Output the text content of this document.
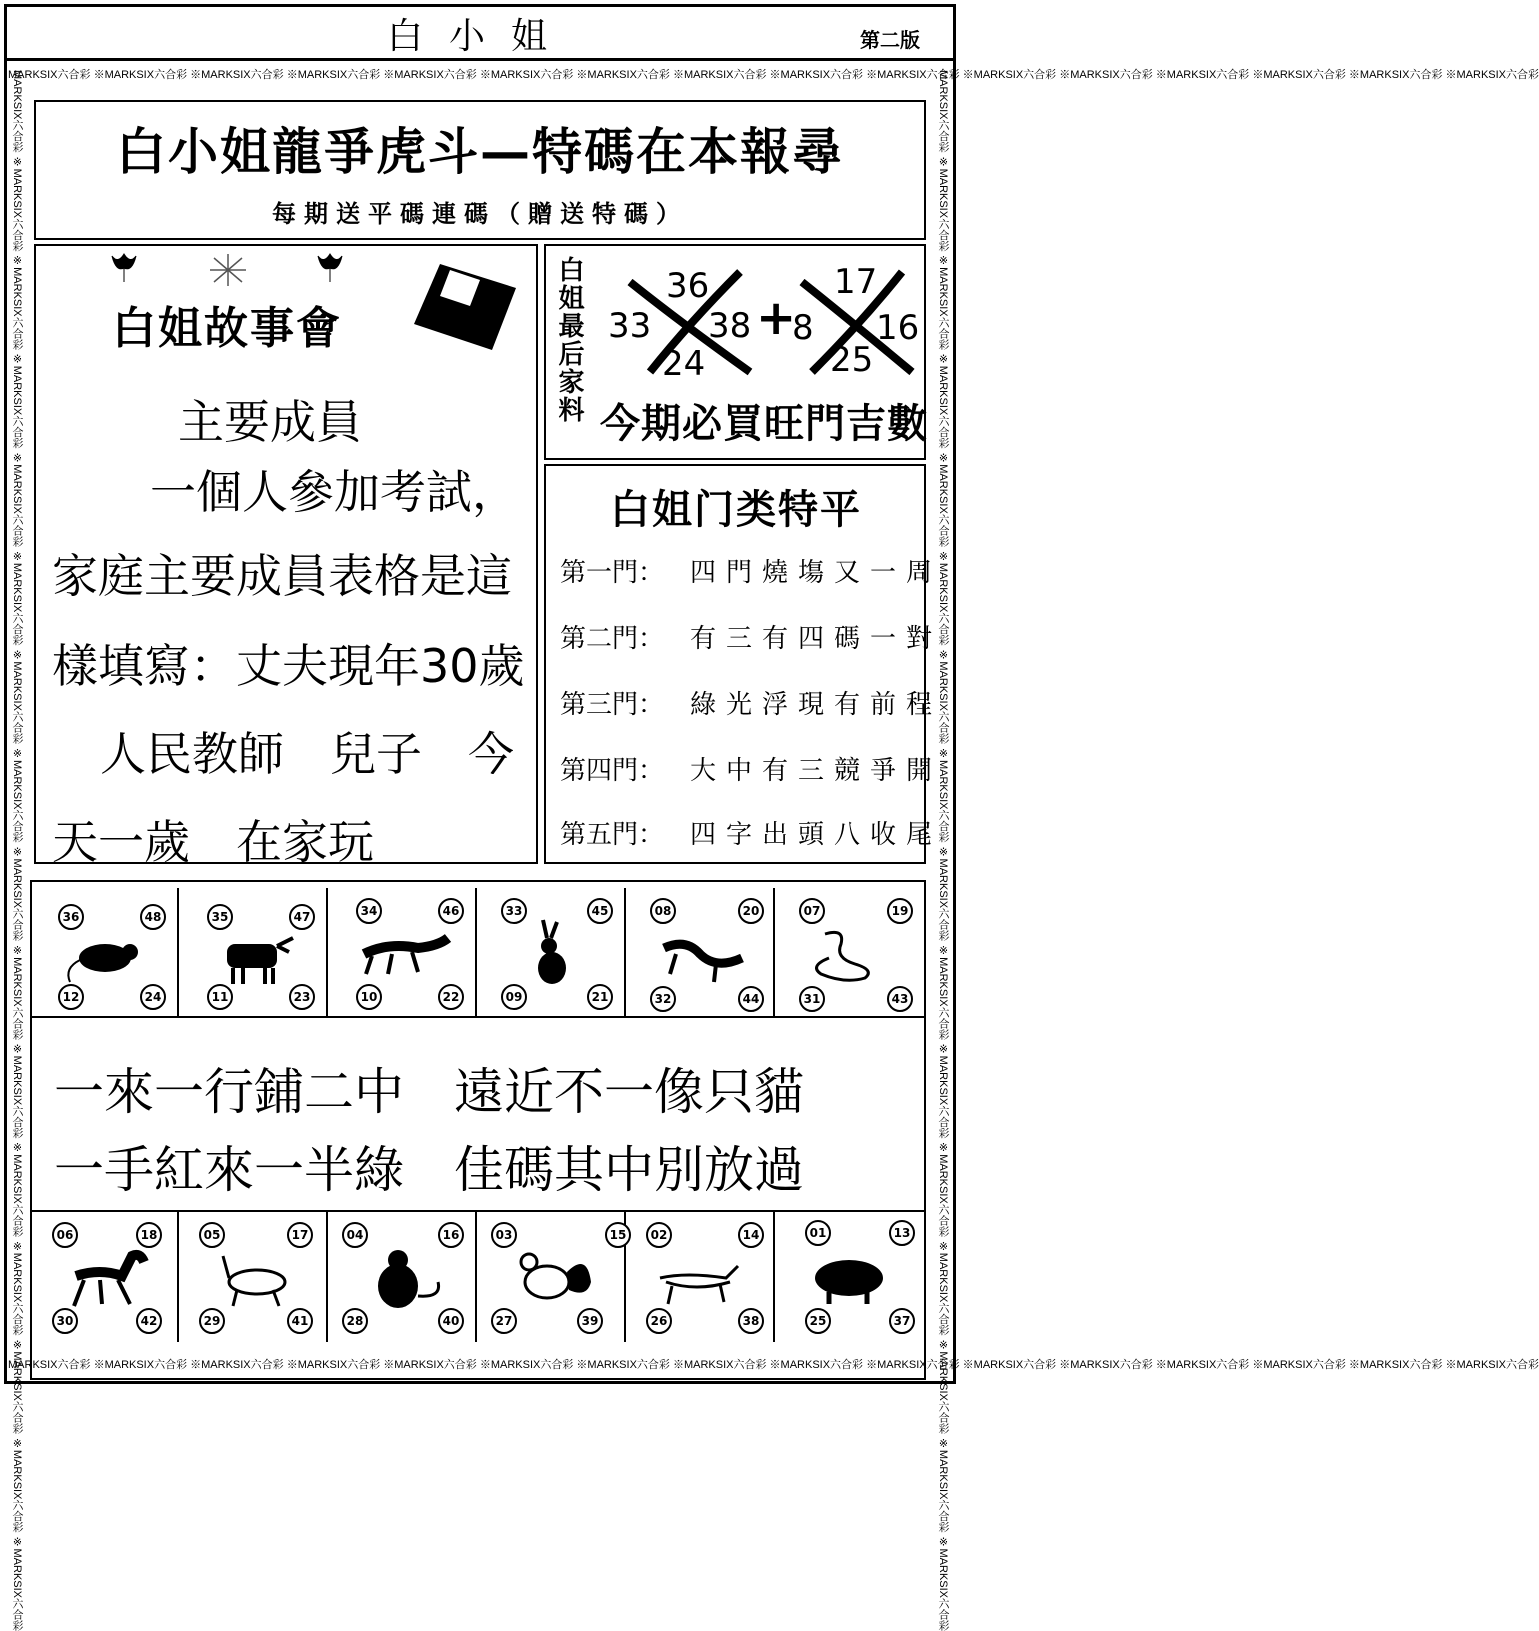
白小姐	第二版
MARKSIX六合彩 ※MARKSIX六合彩 ※MARKSIX六合彩 ※MARKSIX六合彩 ※MARKSIX六合彩 ※MARKSIX六合彩 ※MARKSIX六合彩 ※MARKSIX六合彩 ※MARKSIX六合彩 ※MARKSIX六合彩 ※MARKSIX六合彩 ※MARKSIX六合彩 ※MARKSIX六合彩 ※MARKSIX六合彩 ※MARKSIX六合彩 ※MARKSIX六合彩
MARKSIX六合彩 ※MARKSIX六合彩 ※MARKSIX六合彩 ※MARKSIX六合彩 ※MARKSIX六合彩 ※MARKSIX六合彩 ※MARKSIX六合彩 ※MARKSIX六合彩 ※MARKSIX六合彩 ※MARKSIX六合彩 ※MARKSIX六合彩 ※MARKSIX六合彩 ※MARKSIX六合彩 ※MARKSIX六合彩 ※MARKSIX六合彩 ※MARKSIX六合彩
MARKSIX六合彩 ※MARKSIX六合彩 ※MARKSIX六合彩 ※MARKSIX六合彩 ※MARKSIX六合彩 ※MARKSIX六合彩 ※MARKSIX六合彩 ※MARKSIX六合彩 ※MARKSIX六合彩 ※MARKSIX六合彩 ※MARKSIX六合彩 ※MARKSIX六合彩 ※MARKSIX六合彩 ※MARKSIX六合彩 ※MARKSIX六合彩 ※MARKSIX六合彩	MARKSIX六合彩 ※MARKSIX六合彩 ※MARKSIX六合彩 ※MARKSIX六合彩 ※MARKSIX六合彩 ※MARKSIX六合彩 ※MARKSIX六合彩 ※MARKSIX六合彩 ※MARKSIX六合彩 ※MARKSIX六合彩 ※MARKSIX六合彩 ※MARKSIX六合彩 ※MARKSIX六合彩 ※MARKSIX六合彩 ※MARKSIX六合彩 ※MARKSIX六合彩
白小姐龍爭虎斗—特碼在本報尋
每期送平碼連碼（贈送特碼）
白姐故事會
主要成員
一個人參加考試，
家庭主要成員表格是這
樣填寫：丈夫現年30歲
人民教師　兒子　今
天一歲　在家玩
白姐最后家料 36
33 38
24
+
17
8 16
25
今期必買旺門吉數
白姐门类特平
第一門： 四門燒塲又一周
第二門： 有三有四碼一對
第三門： 綠光浮現有前程
第四門： 大中有三競爭開
第五門： 四字出頭八收尾
36	48
12	24
35	47
11	23
34	46
10	22
33	45
09	21
08	20
32	44
07	19
31	43
一來一行鋪二中　遠近不一像只貓
一手紅來一半綠　佳碼其中別放過
06	18
30	42
05	17
29	41
04	16
28	40
03	15
27	39
02	14
26	38
01	13
25	37
